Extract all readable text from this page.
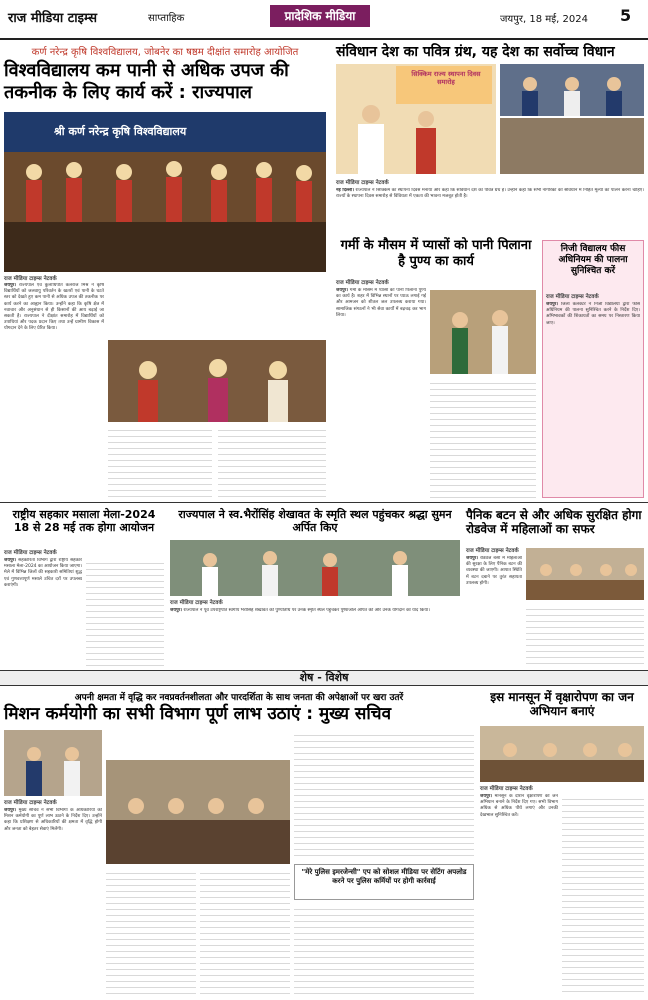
राज मीडिया टाइम्स	साप्ताहिक	प्रादेशिक मीडिया	जयपुर, 18 मई, 2024 5
कर्ण नरेन्द्र कृषि विश्वविद्यालय, जोबनेर का षष्ठम दीक्षांत समारोह आयोजित
विश्वविद्यालय कम पानी से अधिक उपज की तकनीक के लिए कार्य करें : राज्यपाल
श्री कर्ण नरेन्द्र कृषि विश्वविद्यालय
राज मीडिया टाइम्स नेटवर्क
जयपुर। राज्यपाल एवं कुलाधिपति कलराज मिश्र ने कृषि विद्यार्थियों को जलवायु परिवर्तन के खतरों एवं पानी के घटते स्तर को देखते हुए कम पानी से अधिक उपज की तकनीक पर कार्य करने का आह्वान किया। उन्होंने कहा कि कृषि क्षेत्र में नवाचार और अनुसंधान से ही किसानों की आय बढ़ाई जा सकती है। राज्यपाल ने दीक्षांत समारोह में विद्यार्थियों को उपाधियां और पदक प्रदान किए तथा उन्हें ग्रामीण विकास में योगदान देने के लिए प्रेरित किया।
संविधान देश का पवित्र ग्रंथ, यह देश का सर्वोच्च विधान
सिक्किम राज्य स्थापना दिवस समारोह
राज मीडिया टाइम्स नेटवर्क
नई दिल्ली। राज्यपाल ने सिक्किम का स्थापना दिवस मनाया और कहा कि संविधान देश का पवित्र ग्रंथ है। उन्होंने कहा कि सभी नागरिकों को संविधान में निहित मूल्यों का पालन करना चाहिए। राज्यों के स्थापना दिवस समारोह से विविधता में एकता की भावना मजबूत होती है।
गर्मी के मौसम में प्यासों को पानी पिलाना है पुण्य का कार्य
राज मीडिया टाइम्स नेटवर्क
जयपुर। गर्मी के मौसम में प्यासों को पानी पिलाना पुण्य का कार्य है। शहर में विभिन्न स्थानों पर प्याऊ लगाई गई और आमजन को शीतल जल उपलब्ध कराया गया। सामाजिक संगठनों ने भी सेवा कार्यों में बढ़चढ़ कर भाग लिया।
निजी विद्यालय फीस अधिनियम की पालना सुनिश्चित करें
राज मीडिया टाइम्स नेटवर्क
जयपुर। जिला कलक्टर ने निजी विद्यालयों द्वारा फीस अधिनियम की पालना सुनिश्चित करने के निर्देश दिए। अभिभावकों की शिकायतों का समय पर निस्तारण किया जाए।
राष्ट्रीय सहकार मसाला मेला-2024 18 से 28 मई तक होगा आयोजन
राज मीडिया टाइम्स नेटवर्क
जयपुर। सहकारिता विभाग द्वारा राष्ट्रीय सहकार मसाला मेला-2024 का आयोजन किया जाएगा। मेले में विभिन्न जिलों की सहकारी समितियां शुद्ध एवं गुणवत्तापूर्ण मसाले उचित दरों पर उपलब्ध कराएंगी।
राज्यपाल ने स्व.भैरोंसिंह शेखावत के स्मृति स्थल पहुंचकर श्रद्धा सुमन अर्पित किए
राज मीडिया टाइम्स नेटवर्क
जयपुर। राज्यपाल ने पूर्व उपराष्ट्रपति स्वर्गीय भैरोंसिंह शेखावत की पुण्यतिथि पर उनके स्मृति स्थल पहुंचकर पुष्पांजलि अर्पित की और उनके योगदान को याद किया।
पैनिक बटन से और अधिक सुरक्षित होगा रोडवेज में महिलाओं का सफर
राज मीडिया टाइम्स नेटवर्क
जयपुर। रोडवेज बसों में महिलाओं की सुरक्षा के लिए पैनिक बटन की व्यवस्था की जाएगी। आपात स्थिति में बटन दबाने पर तुरंत सहायता उपलब्ध होगी।
शेष - विशेष
अपनी क्षमता में वृद्धि कर नवप्रवर्तनशीलता और पारदर्शिता के साथ जनता की अपेक्षाओं पर खरा उतरें
मिशन कर्मयोगी का सभी विभाग पूर्ण लाभ उठाएं : मुख्य सचिव
राज मीडिया टाइम्स नेटवर्क
जयपुर। मुख्य सचिव ने सभी विभागों के अधिकारियों को मिशन कर्मयोगी का पूर्ण लाभ उठाने के निर्देश दिए। उन्होंने कहा कि प्रशिक्षण से अधिकारियों की क्षमता में वृद्धि होगी और जनता को बेहतर सेवाएं मिलेंगी।
"मेरे पुलिस इमरजेन्सी" एप को सोशल मीडिया पर सेटिंग अपलोड करने पर पुलिस कर्मियों पर होगी कार्रवाई
इस मानसून में वृक्षारोपण का जन अभियान बनाएं
राज मीडिया टाइम्स नेटवर्क
जयपुर। मानसून के दौरान वृक्षारोपण को जन अभियान बनाने के निर्देश दिए गए। सभी विभाग अधिक से अधिक पौधे लगाएं और उनकी देखभाल सुनिश्चित करें।
